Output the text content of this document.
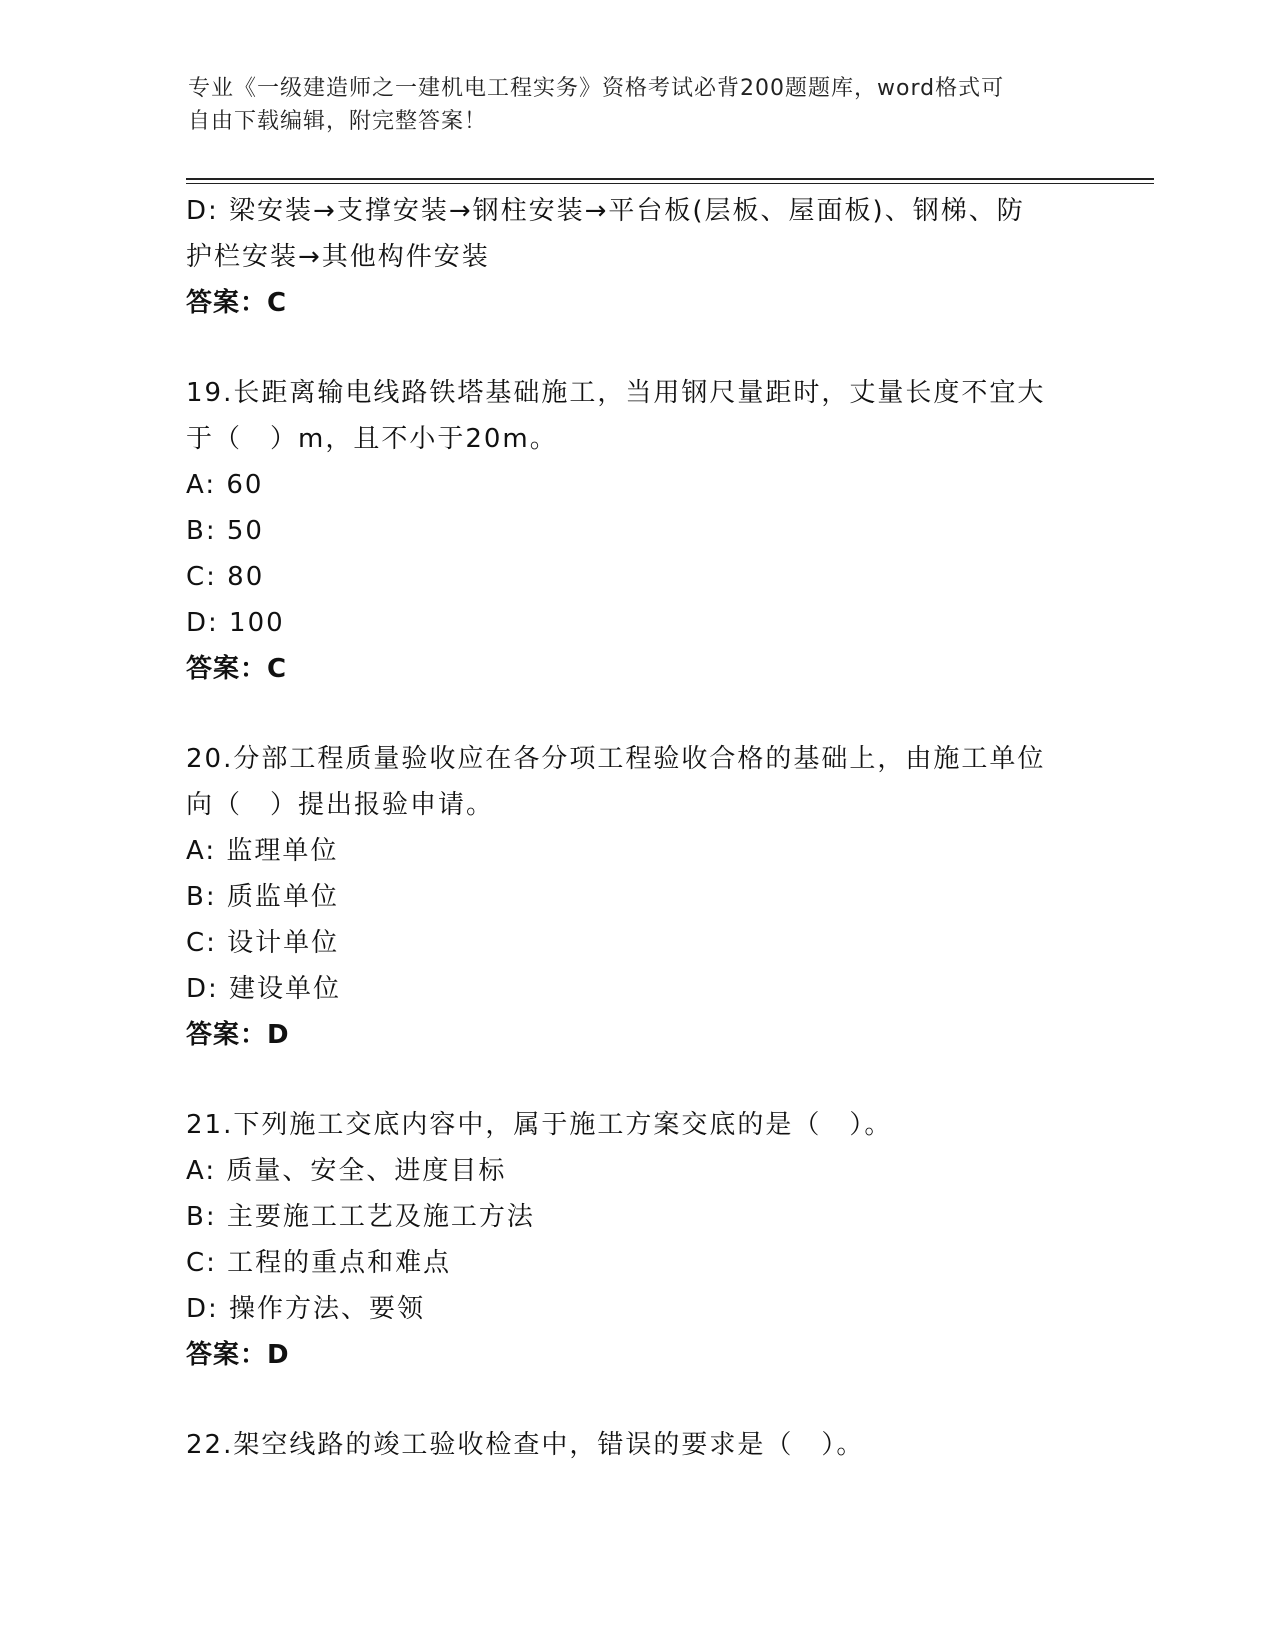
专业《一级建造师之一建机电工程实务》资格考试必背200题题库，word格式可
自由下载编辑，附完整答案！
D: 梁安装→支撑安装→钢柱安装→平台板(层板、屋面板)、钢梯、防
护栏安装→其他构件安装
答案：C
19.长距离输电线路铁塔基础施工，当用钢尺量距时，丈量长度不宜大
于（　）m，且不小于20m。
A: 60
B: 50
C: 80
D: 100
答案：C
20.分部工程质量验收应在各分项工程验收合格的基础上，由施工单位
向（　）提出报验申请。
A: 监理单位
B: 质监单位
C: 设计单位
D: 建设单位
答案：D
21.下列施工交底内容中，属于施工方案交底的是（　）。
A: 质量、安全、进度目标
B: 主要施工工艺及施工方法
C: 工程的重点和难点
D: 操作方法、要领
答案：D
22.架空线路的竣工验收检查中，错误的要求是（　）。
